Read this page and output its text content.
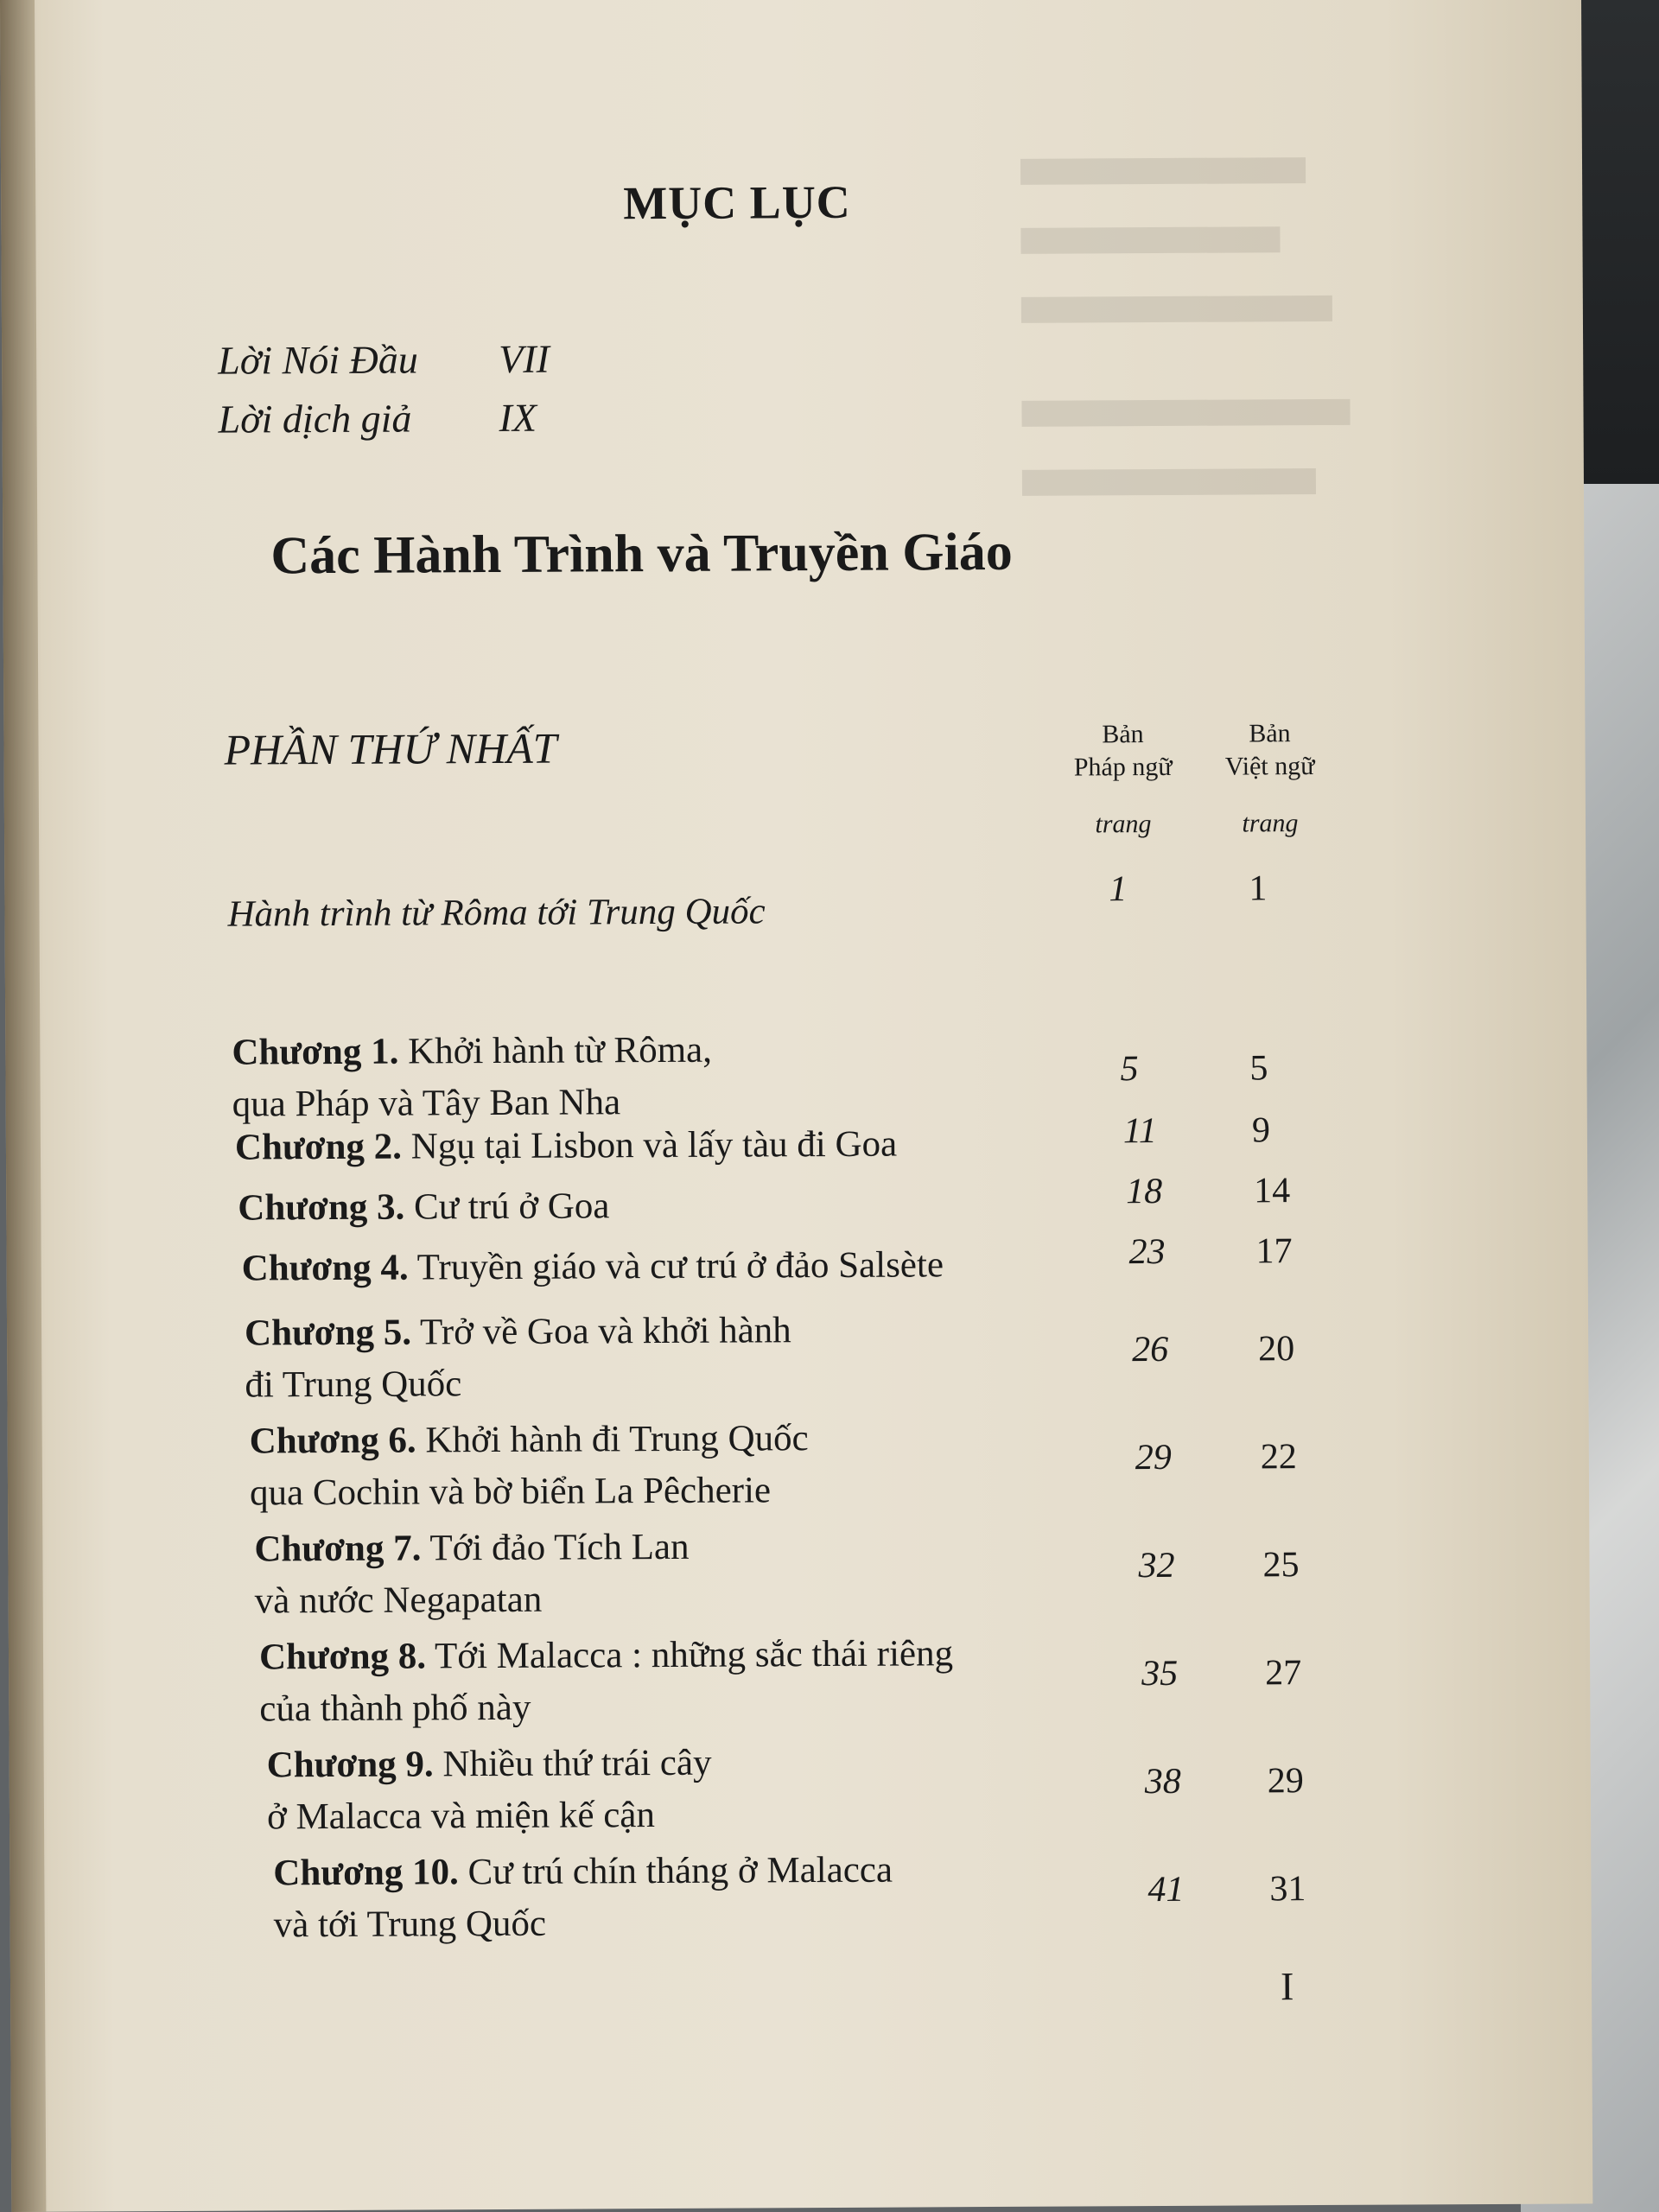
MỤC LỤC
Lời Nói Đầu VII
Lời dịch giả IX
Các Hành Trình và Truyền Giáo
PHẦN THỨ NHẤT	Bản
Pháp ngữ
trang
Bản
Việt ngữ
trang
Hành trình từ Rôma tới Trung Quốc
1	1
Chương 1. Khởi hành từ Rôma,
qua Pháp và Tây Ban Nha
5	5
Chương 2. Ngụ tại Lisbon và lấy tàu đi Goa	11	9
Chương 3. Cư trú ở Goa	18	14
Chương 4. Truyền giáo và cư trú ở đảo Salsète	23 17
Chương 5. Trở về Goa và khởi hành
đi Trung Quốc
26 20
Chương 6. Khởi hành đi Trung Quốc
qua Cochin và bờ biển La Pêcherie
29 22
Chương 7. Tới đảo Tích Lan
và nước Negapatan
32 25
Chương 8. Tới Malacca : những sắc thái riêng
của thành phố này
35 27
Chương 9. Nhiều thứ trái cây
ở Malacca và miện kế cận
38 29
Chương 10. Cư trú chín tháng ở Malacca
và tới Trung Quốc
41 31
I
